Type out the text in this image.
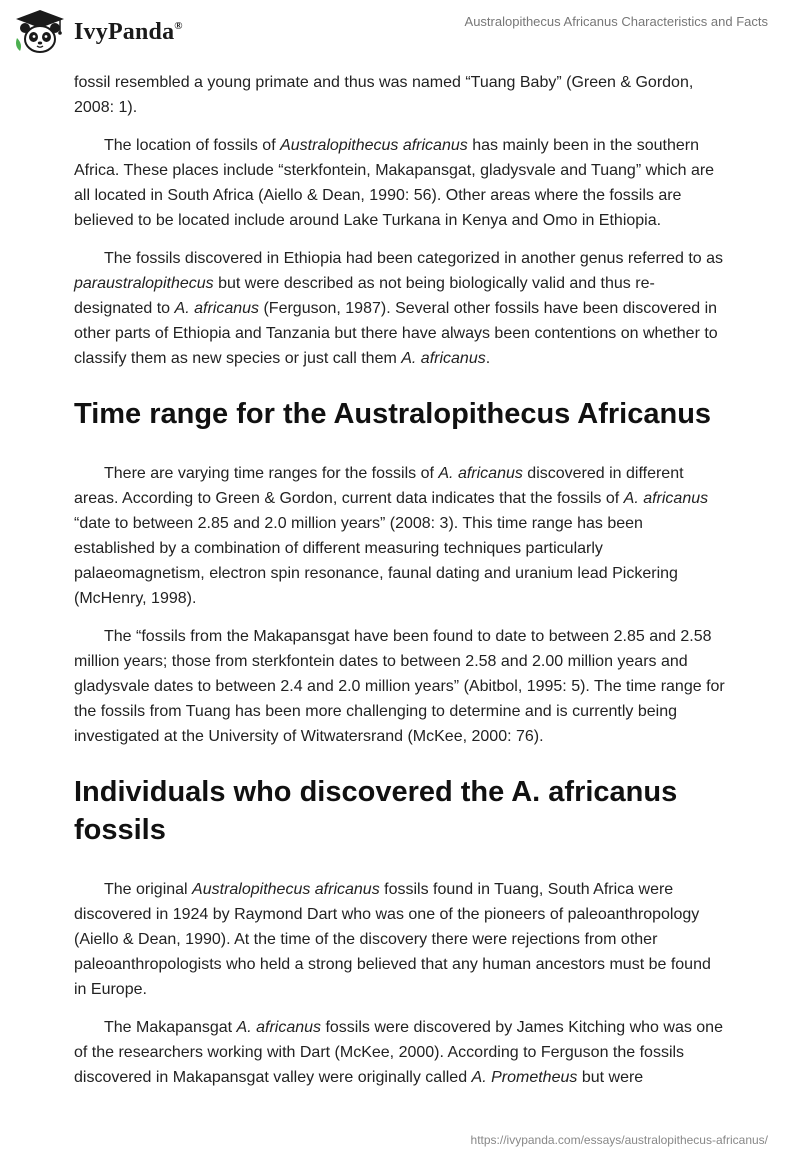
IvyPanda®	Australopithecus Africanus Characteristics and Facts

fossil resembled a young primate and thus was named “Tuang Baby” (Green & Gordon, 2008: 1).

The location of fossils of Australopithecus africanus has mainly been in the southern Africa. These places include “sterkfontein, Makapansgat, gladysvale and Tuang” which are all located in South Africa (Aiello & Dean, 1990: 56). Other areas where the fossils are believed to be located include around Lake Turkana in Kenya and Omo in Ethiopia.

The fossils discovered in Ethiopia had been categorized in another genus referred to as paraustralopithecus but were described as not being biologically valid and thus re-designated to A. africanus (Ferguson, 1987). Several other fossils have been discovered in other parts of Ethiopia and Tanzania but there have always been contentions on whether to classify them as new species or just call them A. africanus.

Time range for the Australopithecus Africanus

There are varying time ranges for the fossils of A. africanus discovered in different areas. According to Green & Gordon, current data indicates that the fossils of A. africanus “date to between 2.85 and 2.0 million years” (2008: 3). This time range has been established by a combination of different measuring techniques particularly palaeomagnetism, electron spin resonance, faunal dating and uranium lead Pickering (McHenry, 1998).

The “fossils from the Makapansgat have been found to date to between 2.85 and 2.58 million years; those from sterkfontein dates to between 2.58 and 2.00 million years and gladysvale dates to between 2.4 and 2.0 million years” (Abitbol, 1995: 5). The time range for the fossils from Tuang has been more challenging to determine and is currently being investigated at the University of Witwatersrand (McKee, 2000: 76).

Individuals who discovered the A. africanus fossils

The original Australopithecus africanus fossils found in Tuang, South Africa were discovered in 1924 by Raymond Dart who was one of the pioneers of paleoanthropology (Aiello & Dean, 1990). At the time of the discovery there were rejections from other paleoanthropologists who held a strong believed that any human ancestors must be found in Europe.

The Makapansgat A. africanus fossils were discovered by James Kitching who was one of the researchers working with Dart (McKee, 2000). According to Ferguson the fossils discovered in Makapansgat valley were originally called A. Prometheus but were

https://ivypanda.com/essays/australopithecus-africanus/
